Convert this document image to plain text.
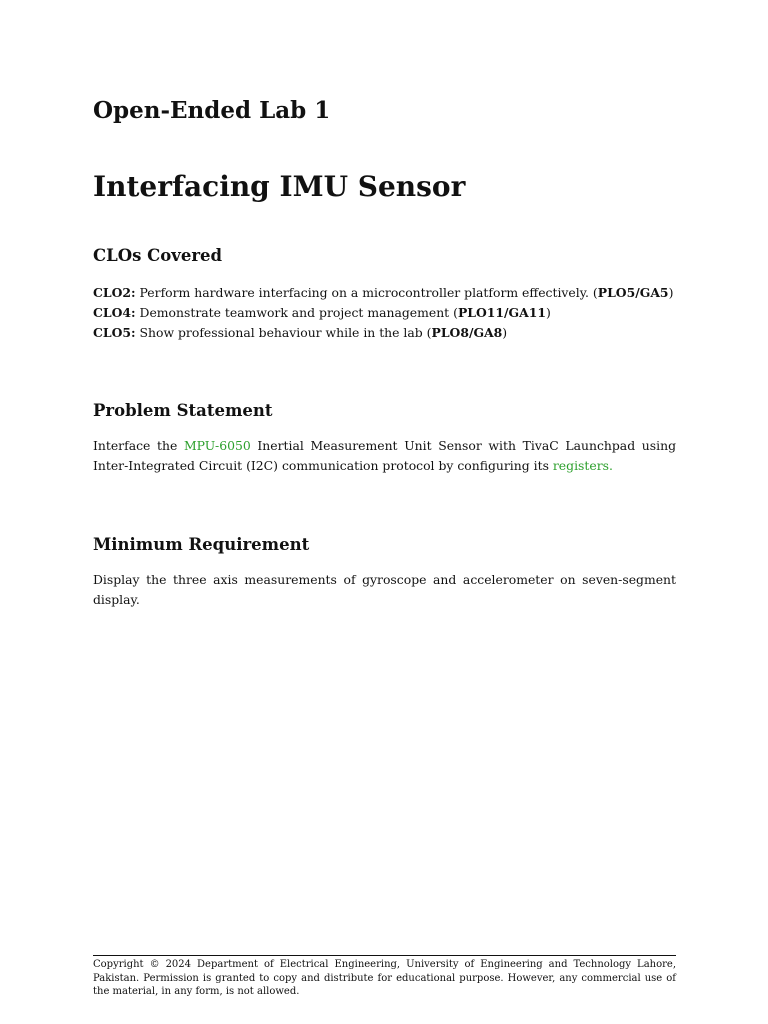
Open-Ended Lab 1
Interfacing IMU Sensor
CLOs Covered
CLO2: Perform hardware interfacing on a microcontroller platform effectively. (PLO5/GA5)
CLO4: Demonstrate teamwork and project management (PLO11/GA11)
CLO5: Show professional behaviour while in the lab (PLO8/GA8)
Problem Statement

Interface the MPU-6050 Inertial Measurement Unit Sensor with TivaC Launchpad using Inter-Integrated Circuit (I2C) communication protocol by configuring its registers.

Minimum Requirement

Display the three axis measurements of gyroscope and accelerometer on seven-segment display.

Copyright © 2024 Department of Electrical Engineering, University of Engineering and Technology Lahore, Pakistan. Permission is granted to copy and distribute for educational purpose. However, any commercial use of the material, in any form, is not allowed.
